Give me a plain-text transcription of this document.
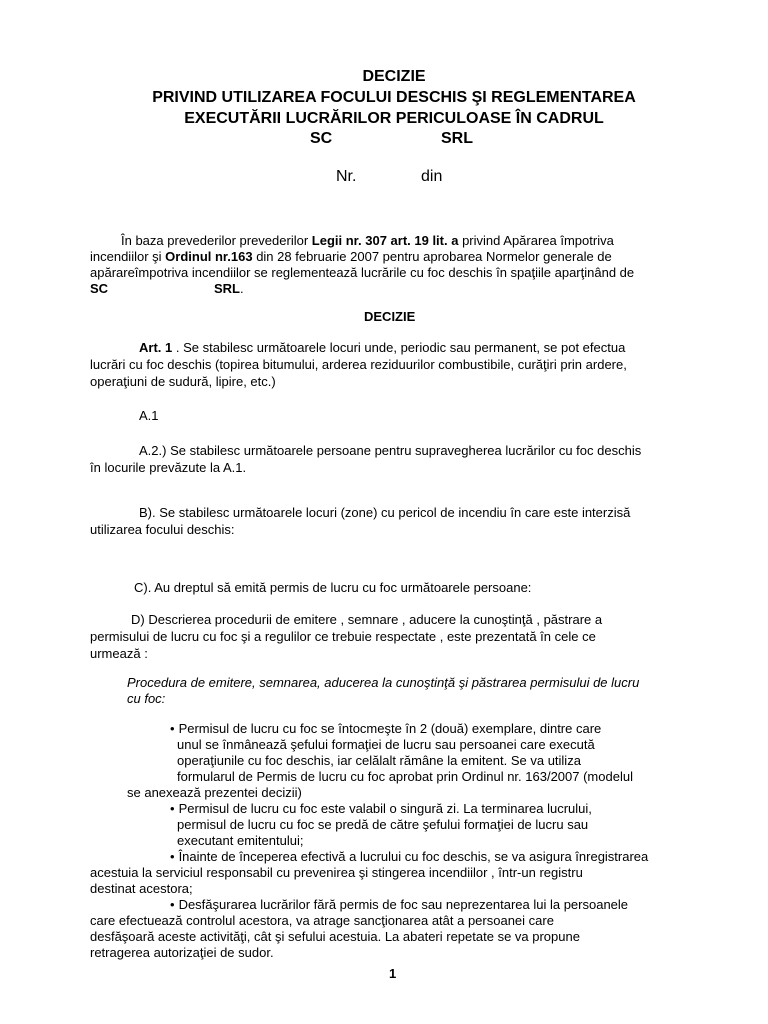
DECIZIE
PRIVIND UTILIZAREA FOCULUI DESCHIS ŞI REGLEMENTAREA
EXECUTĂRII LUCRĂRILOR PERICULOASE ÎN CADRUL
SC	SRL
Nr.	din
În baza prevederilor prevederilor Legii nr. 307 art. 19 lit. a privind Apărarea împotriva
incendiilor şi Ordinul nr.163 din 28 februarie 2007 pentru aprobarea Normelor generale de
apărareîmpotriva incendiilor se reglementează lucrările cu foc deschis în spaţiile aparţinând de
SC	SRL.
DECIZIE
Art. 1 . Se stabilesc următoarele locuri unde, periodic sau permanent, se pot efectua
lucrări cu foc deschis (topirea bitumului, arderea reziduurilor combustibile, curăţiri prin ardere,
operaţiuni de sudură, lipire, etc.)
A.1
A.2.) Se stabilesc următoarele persoane pentru supravegherea lucrărilor cu foc deschis
în locurile prevăzute la A.1.
B). Se stabilesc următoarele locuri (zone) cu pericol de incendiu în care este interzisă
utilizarea focului deschis:
C). Au dreptul să emită permis de lucru cu foc următoarele persoane:
D) Descrierea procedurii de emitere , semnare , aducere la cunoştinţă , păstrare a
permisului de lucru cu foc şi a regulilor ce trebuie respectate , este prezentată în cele ce
urmează :
Procedura de emitere, semnarea, aducerea la cunoştinţă şi păstrarea permisului de lucru
cu foc:
• Permisul de lucru cu foc se întocmeşte în 2 (două) exemplare, dintre care
unul se înmânează şefului formaţiei de lucru sau persoanei care execută
operaţiunile cu foc deschis, iar celălalt rămâne la emitent. Se va utiliza
formularul de Permis de lucru cu foc aprobat prin Ordinul nr. 163/2007 (modelul
se anexează prezentei decizii)
• Permisul de lucru cu foc este valabil o singură zi. La terminarea lucrului,
permisul de lucru cu foc se predă de către şefului formaţiei de lucru sau
executant emitentului;
• Înainte de începerea efectivă a lucrului cu foc deschis, se va asigura înregistrarea
acestuia la serviciul responsabil cu prevenirea şi stingerea incendiilor , într-un registru
destinat acestora;
• Desfăşurarea lucrărilor fără permis de foc sau neprezentarea lui la persoanele
care efectuează controlul acestora, va atrage sancţionarea atât a persoanei care
desfăşoară aceste activităţi, cât şi sefului acestuia. La abateri repetate se va propune
retragerea autorizaţiei de sudor.
1
